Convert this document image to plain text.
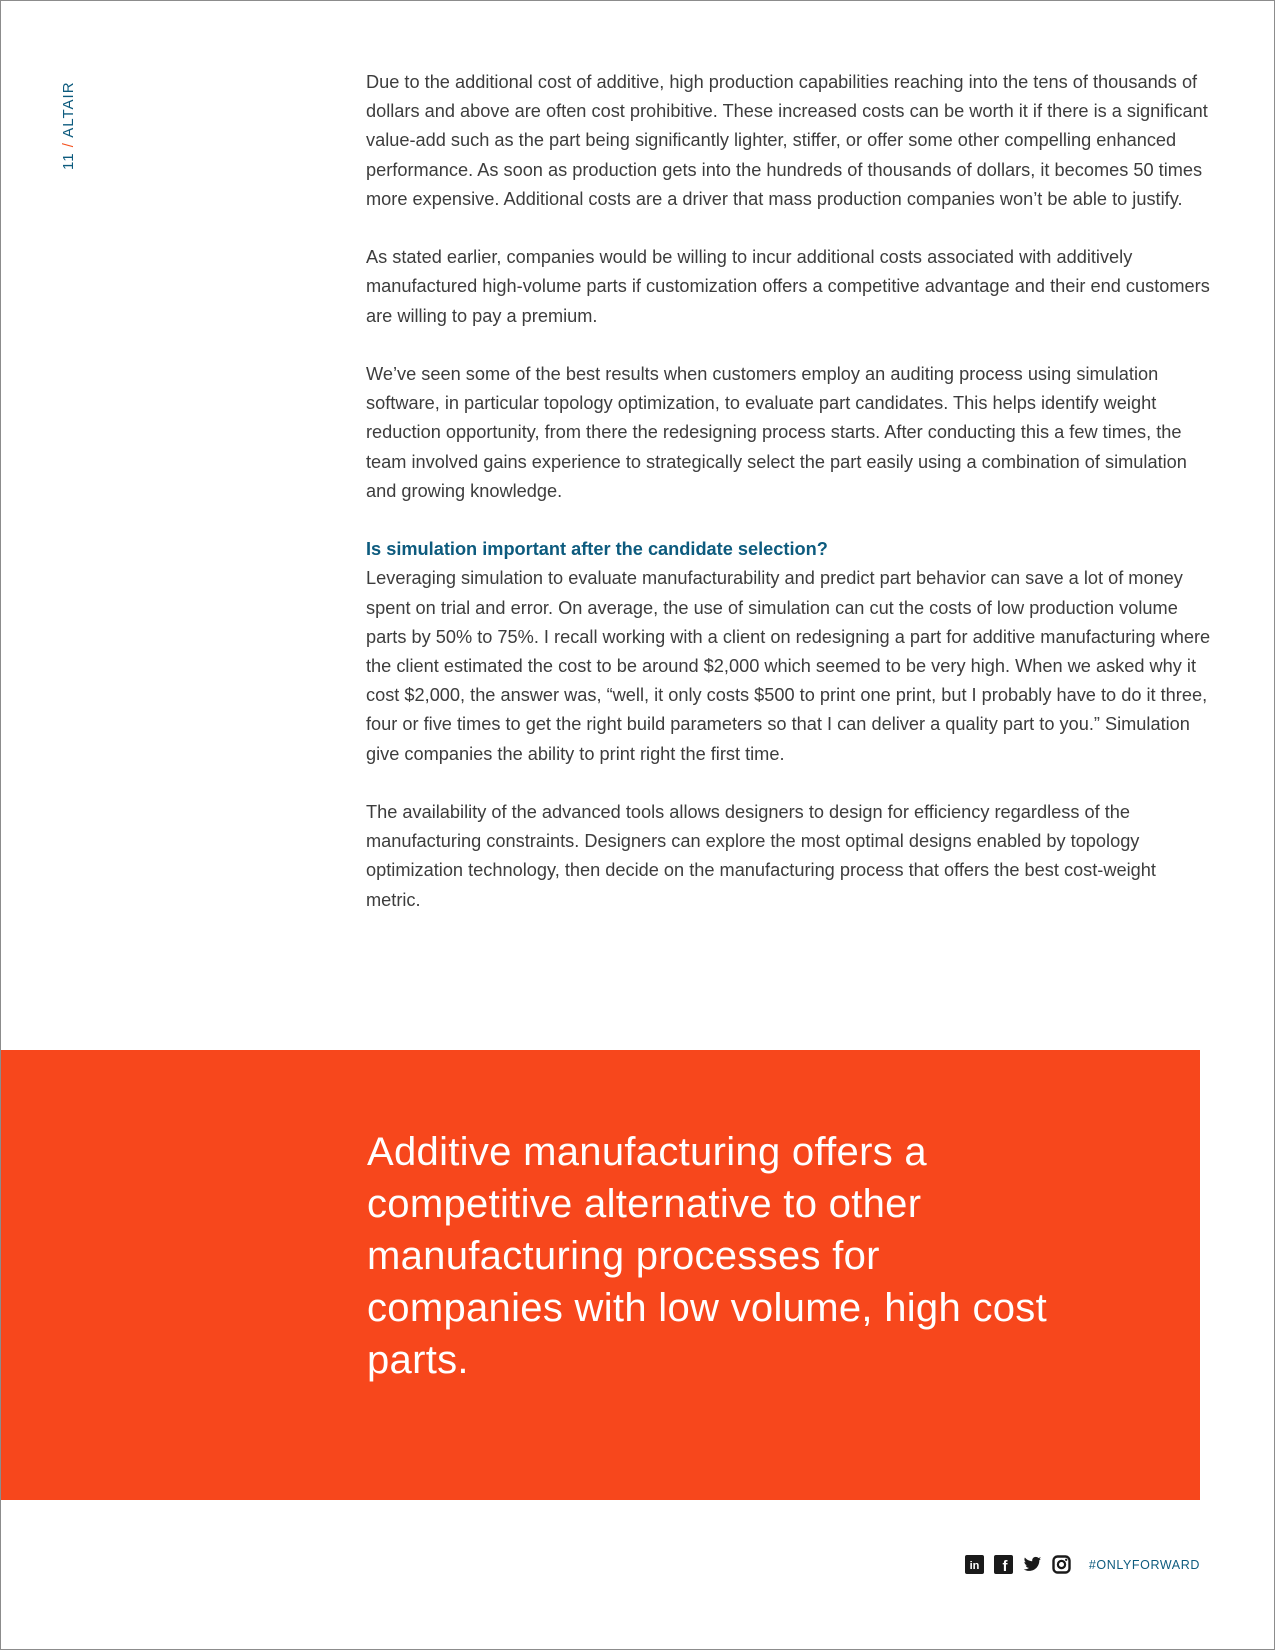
11 / ALTAIR	Due to the additional cost of additive, high production capabilities reaching into the tens of thousands of dollars and above are often cost prohibitive. These increased costs can be worth it if there is a significant value-add such as the part being significantly lighter, stiffer, or offer some other compelling enhanced performance. As soon as production gets into the hundreds of thousands of dollars, it becomes 50 times more expensive. Additional costs are a driver that mass production companies won’t be able to justify.

As stated earlier, companies would be willing to incur additional costs associated with additively manufactured high-volume parts if customization offers a competitive advantage and their end customers are willing to pay a premium.

We’ve seen some of the best results when customers employ an auditing process using simulation software, in particular topology optimization, to evaluate part candidates. This helps identify weight reduction opportunity, from there the redesigning process starts. After conducting this a few times, the team involved gains experience to strategically select the part easily using a combination of simulation and growing knowledge.

Is simulation important after the candidate selection?

Leveraging simulation to evaluate manufacturability and predict part behavior can save a lot of money spent on trial and error. On average, the use of simulation can cut the costs of low production volume parts by 50% to 75%. I recall working with a client on redesigning a part for additive manufacturing where the client estimated the cost to be around $2,000 which seemed to be very high. When we asked why it cost $2,000, the answer was, “well, it only costs $500 to print one print, but I probably have to do it three, four or five times to get the right build parameters so that I can deliver a quality part to you.” Simulation give companies the ability to print right the first time.

The availability of the advanced tools allows designers to design for efficiency regardless of the manufacturing constraints. Designers can explore the most optimal designs enabled by topology optimization technology, then decide on the manufacturing process that offers the best cost-weight metric.

Additive manufacturing offers a competitive alternative to other manufacturing processes for companies with low volume, high cost parts.

in f	#ONLYFORWARD
